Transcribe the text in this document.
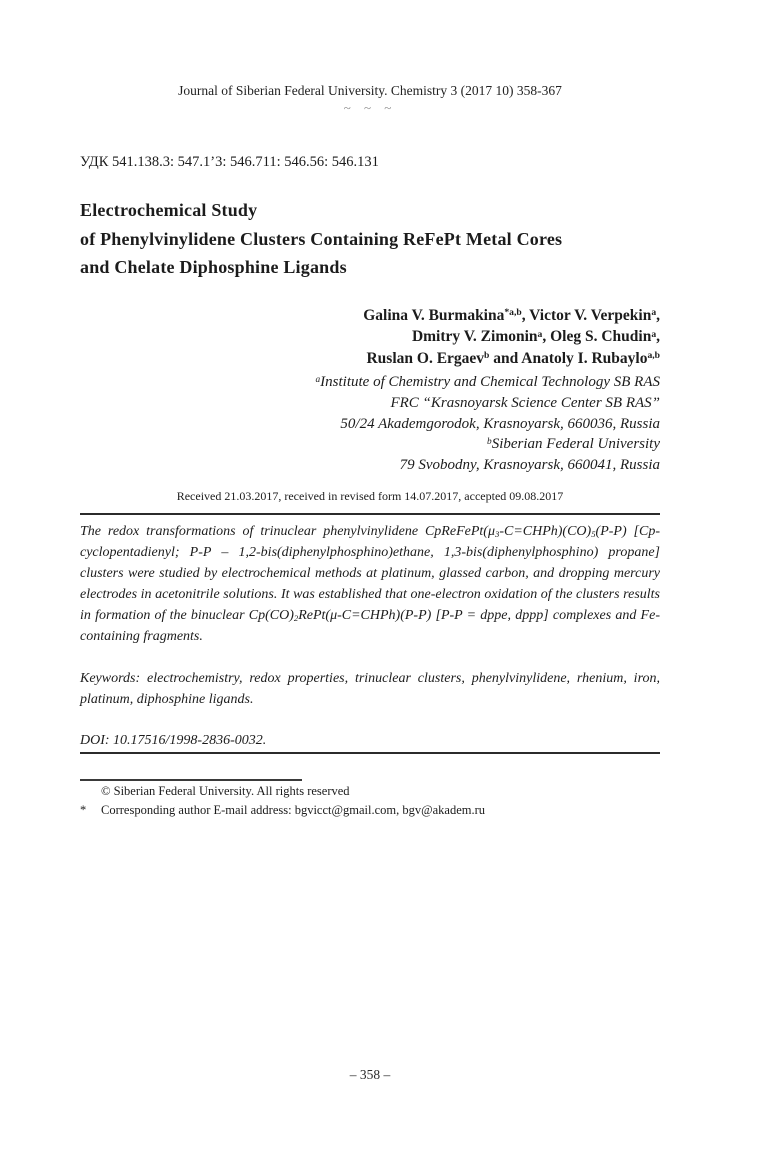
Journal of Siberian Federal University. Chemistry 3 (2017 10) 358-367
~ ~ ~
УДК 541.138.3: 547.1’3: 546.711: 546.56: 546.131
Electrochemical Study
of Phenylvinylidene Clusters Containing ReFePt Metal Cores
and Chelate Diphosphine Ligands
Galina V. Burmakina$^{*a,b}$, Victor V. Verpekin$^a$,
Dmitry V. Zimonin$^a$, Oleg S. Chudin$^a$,
Ruslan O. Ergaev$^b$ and Anatoly I. Rubaylo$^{a,b}$
$^a$Institute of Chemistry and Chemical Technology SB RAS
FRC “Krasnoyarsk Science Center SB RAS”
50/24 Akademgorodok, Krasnoyarsk, 660036, Russia
$^b$Siberian Federal University
79 Svobodny, Krasnoyarsk, 660041, Russia
Received 21.03.2017, received in revised form 14.07.2017, accepted 09.08.2017

The redox transformations of trinuclear phenylvinylidene $CpReFePt(\mu_3-C=CHPh)(CO)_5(P-P)$ [Cp- cyclopentadienyl; P-P – 1,2-bis(diphenylphosphino)ethane, 1,3-bis(diphenylphosphino) propane] clusters were studied by electrochemical methods at platinum, glassed carbon, and dropping mercury electrodes in acetonitrile solutions. It was established that one-electron oxidation of the clusters results in formation of the binuclear $Cp(CO)_2RePt(\mu-C=CHPh)(P-P) [P-P$ = dppe, dppp] complexes and Fe-containing fragments.

Keywords: electrochemistry, redox properties, trinuclear clusters, phenylvinylidene, rhenium, iron, platinum, diphosphine ligands.

DOI: 10.17516/1998-2836-0032.

© Siberian Federal University. All rights reserved
* Corresponding author E-mail address: bgvicct@gmail.com, bgv@akadem.ru
– 358 –
